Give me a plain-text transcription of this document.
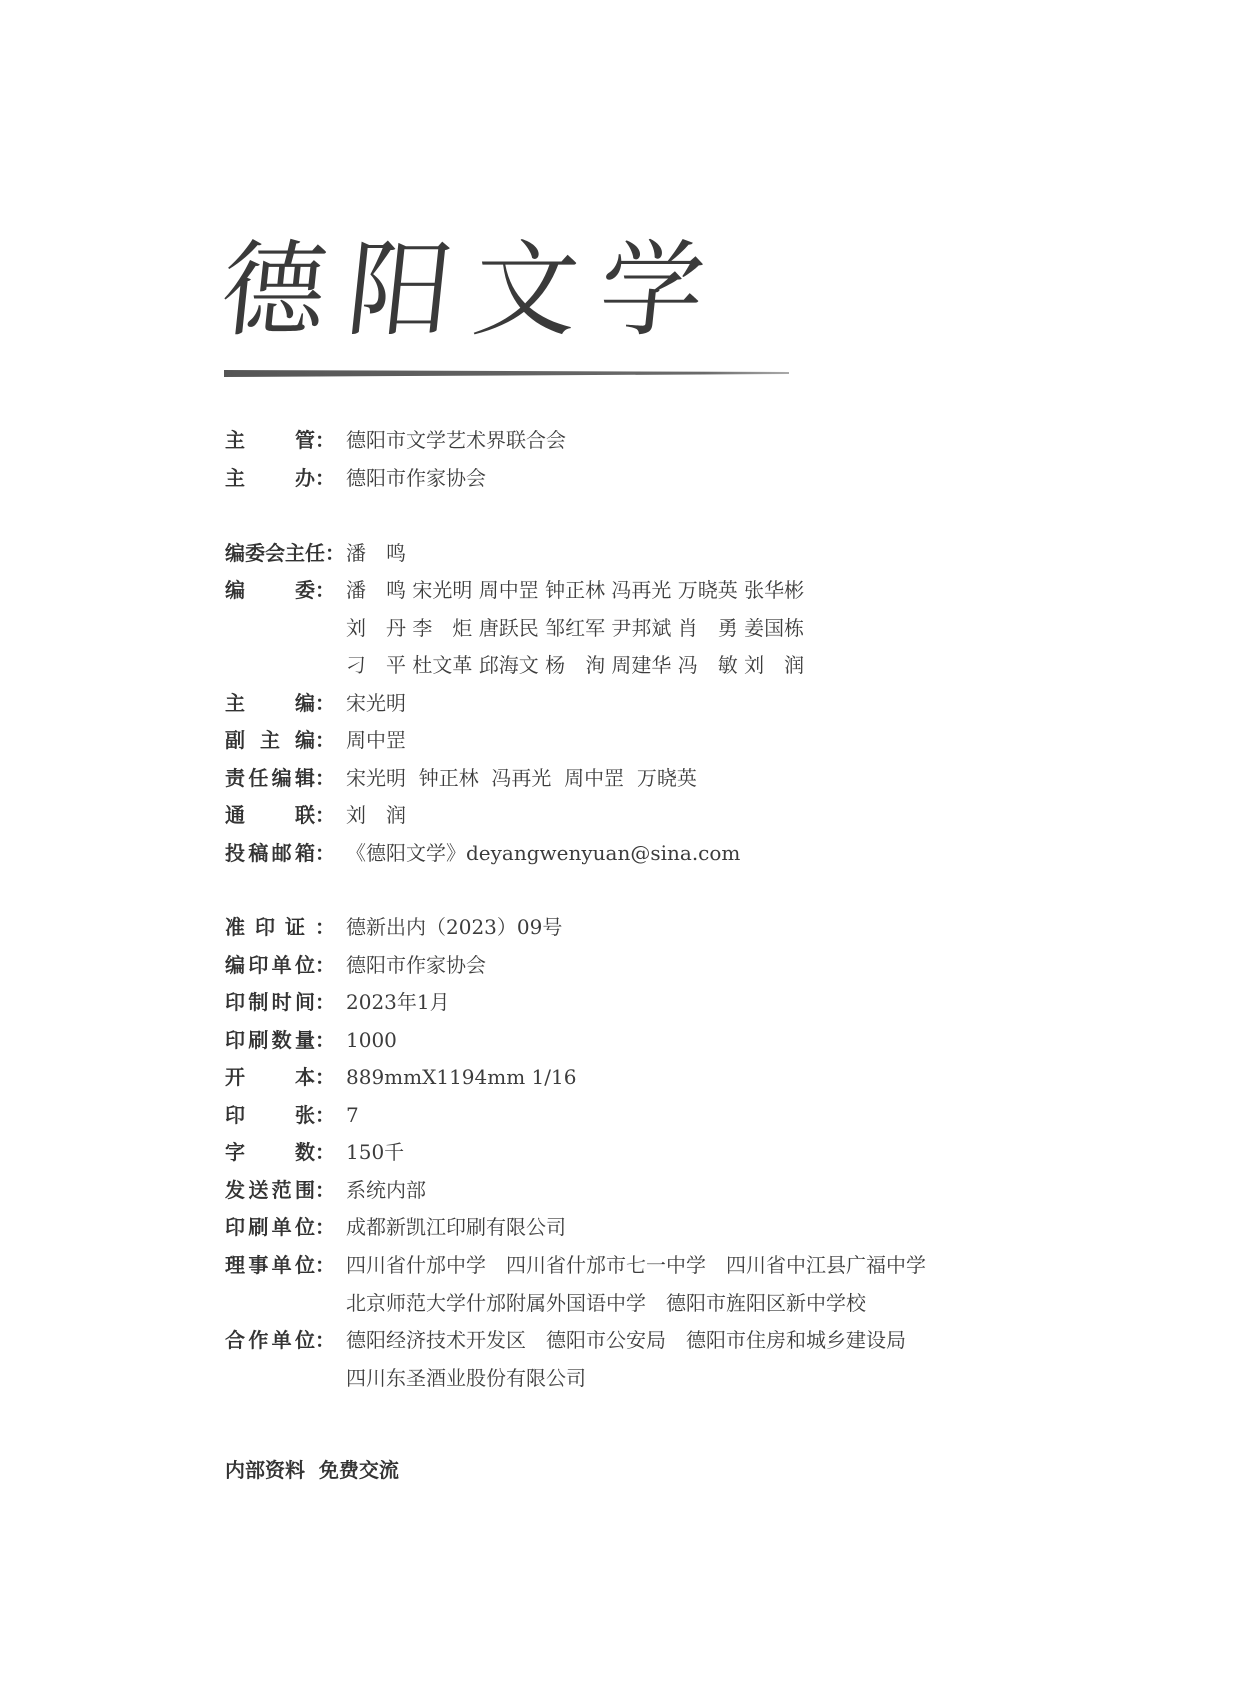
德阳文学
主	管： 德阳市文学艺术界联合会
主	办： 德阳市作家协会
编委会主任： 潘　鸣
编	委： 潘　鸣 宋光明 周中罡 钟正林 冯再光 万晓英 张华彬
刘　丹 李　炬 唐跃民 邹红军 尹邦斌 肖　勇 姜国栋
刁　平 杜文革 邱海文 杨　洵 周建华 冯　敏 刘　润
主	编： 宋光明
副 主 编： 周中罡
责 任 编 辑： 宋光明  钟正林  冯再光  周中罡  万晓英
通	联： 刘　润
投 稿 邮 箱： 《德阳文学》deyangwenyuan@sina.com
准 印 证 ： 德新出内（2023）09号
编 印 单 位： 德阳市作家协会
印 制 时 间： 2023年1月
印 刷 数 量： 1000
开	本： 889mmX1194mm 1/16
印	张： 7
字	数： 150千
发 送 范 围： 系统内部
印 刷 单 位： 成都新凯江印刷有限公司
理 事 单 位： 四川省什邡中学　四川省什邡市七一中学　四川省中江县广福中学
北京师范大学什邡附属外国语中学　德阳市旌阳区新中学校
合 作 单 位： 德阳经济技术开发区　德阳市公安局　德阳市住房和城乡建设局
四川东圣酒业股份有限公司
内部资料  免费交流
